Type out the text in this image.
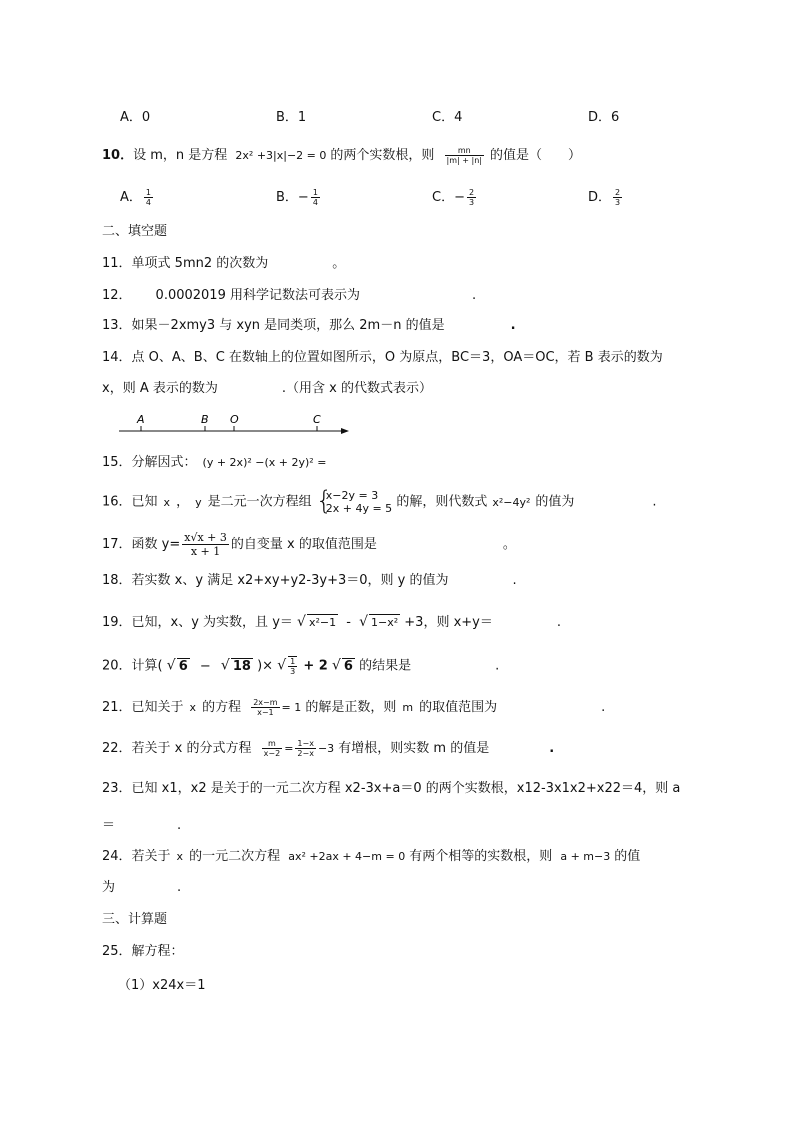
A．0	B．1	C．4	D．6
10．设 m，n 是方程 2x² +3|x|−2 = 0 的两个实数根，则 $\frac{mn}{|m| + |n|}$ 的值是（　　）
A． $\frac{1}{4}$	B．− $\frac{1}{4}$	C．− $\frac{2}{3}$	D． $\frac{2}{3}$
二、填空题
11．单项式 5mn2 的次数为	。
12． 0.0002019 用科学记数法可表示为	.
13．如果－2xmy3 与 xyn 是同类项，那么 2m－n 的值是	.
14．点 O、A、B、C 在数轴上的位置如图所示，O 为原点，BC＝3，OA＝OC，若 B 表示的数为
x，则 A 表示的数为	.（用含 x 的代数式表示）
A	B O	C
15．分解因式： (y + 2x)² −(x + 2y)² =
16．已知 x ， y 是二元一次方程组 {
x−2y = 3
2x + 4y = 5 的解，则代数式 x²−4y² 的值为	.
17．函数 $y= \frac{x√x + 3}{x + 1}$ 的自变量 x 的取值范围是	。
18．若实数 x、y 满足 x2+xy+y2-3y+3＝0，则 y 的值为	.
19．已知，x、y 为实数，且 y＝ √ x²−1 - √ 1−x² +3，则 x+y＝	.
20．计算( √ 6 − √ 18 )× √ $\frac{1}{3} + 2$ √ 6 的结果是	.
21．已知关于 x 的方程 $\frac{2x-m}{x-1} = 1$ 的解是正数，则 m 的取值范围为	.
22．若关于 x 的分式方程 $\frac{m}{x-2} = \frac{1-x}{2-x} -3$ 有增根，则实数 m 的值是	.
23．已知 x1，x2 是关于的一元二次方程 x2-3x+a＝0 的两个实数根，x12-3x1x2+x22＝4，则 a
＝	.
24．若关于 x 的一元二次方程 ax² +2ax + 4−m = 0 有两个相等的实数根，则 a + m−3 的值
为	.
三、计算题
25．解方程：
（1）x24x＝1
